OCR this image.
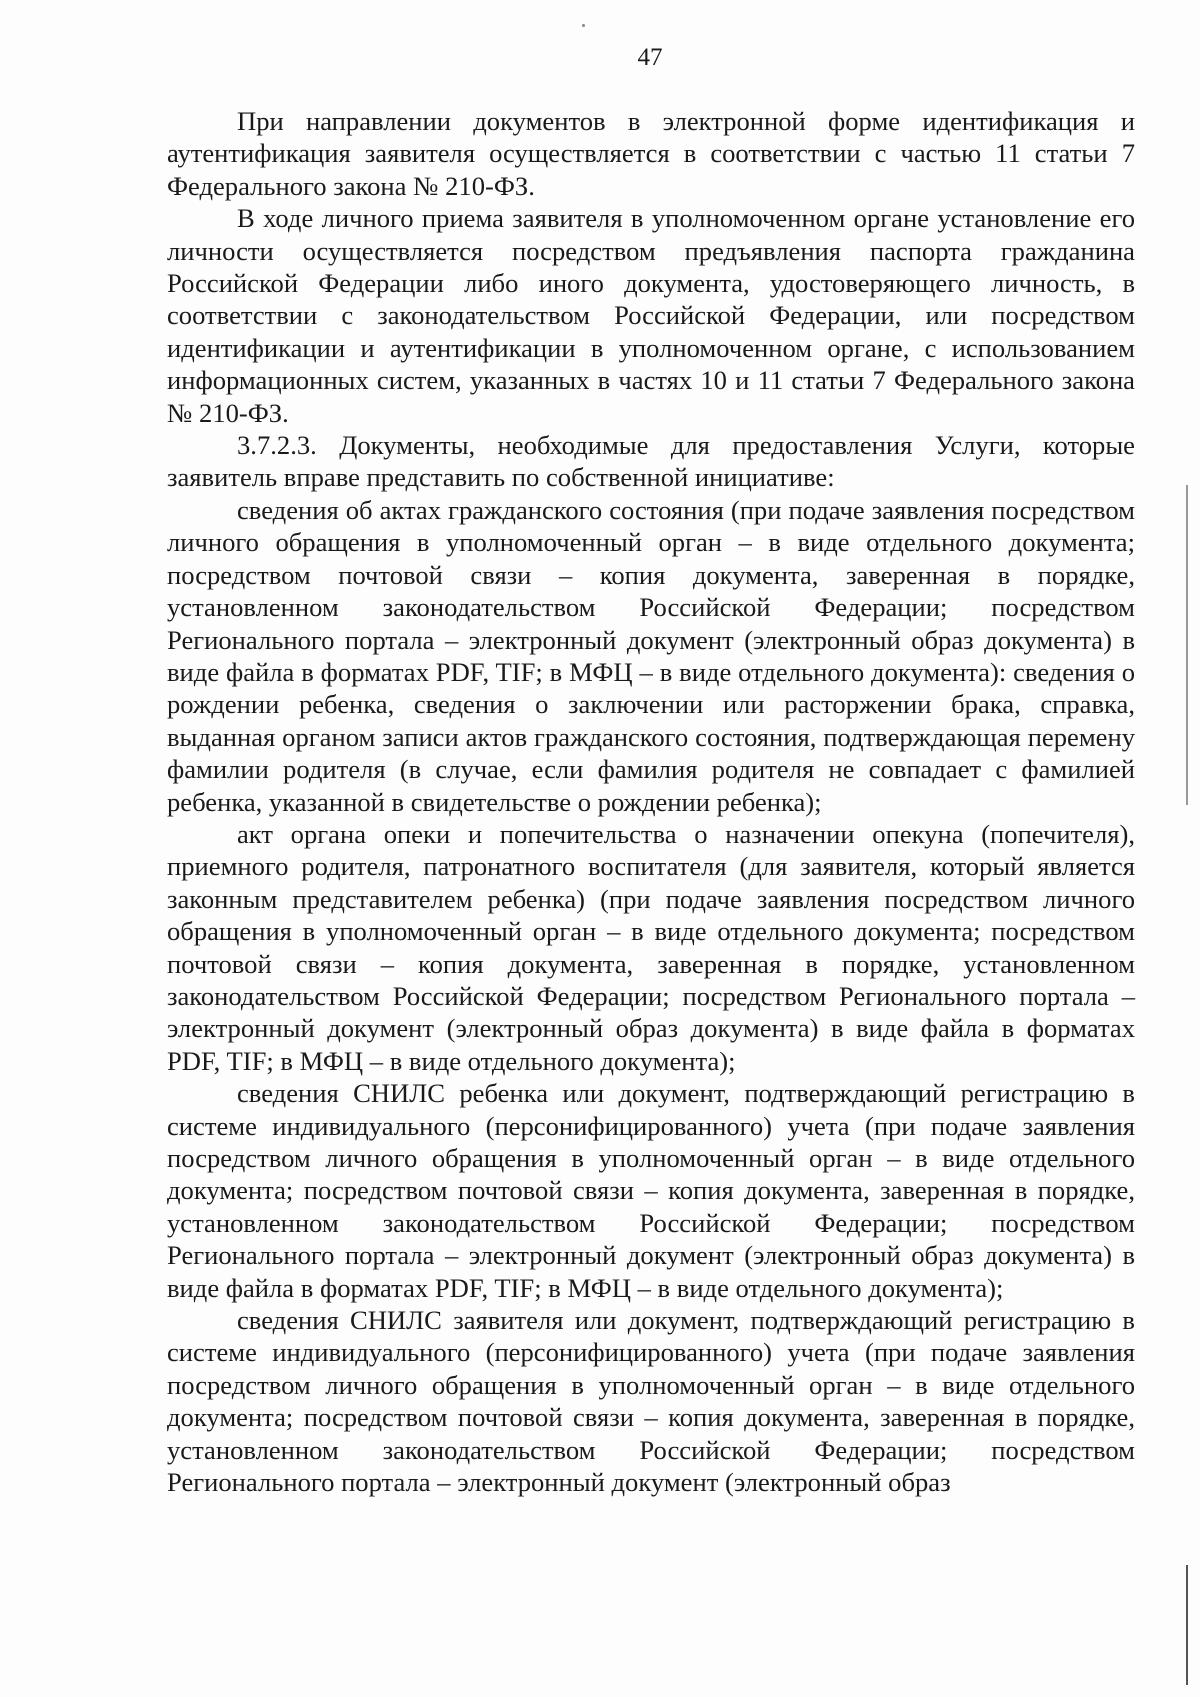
47

При направлении документов в электронной форме идентификация и аутентификация заявителя осуществляется в соответствии с частью 11 статьи 7 Федерального закона № 210-ФЗ.

В ходе личного приема заявителя в уполномоченном органе установление его личности осуществляется посредством предъявления паспорта гражданина Российской Федерации либо иного документа, удостоверяющего личность, в соответствии с законодательством Российской Федерации, или посредством идентификации и аутентификации в уполномоченном органе, с использованием информационных систем, указанных в частях 10 и 11 статьи 7 Федерального закона № 210-ФЗ.

3.7.2.3. Документы, необходимые для предоставления Услуги, которые заявитель вправе представить по собственной инициативе:

сведения об актах гражданского состояния (при подаче заявления посредством личного обращения в уполномоченный орган – в виде отдельного документа; посредством почтовой связи – копия документа, заверенная в порядке, установленном законодательством Российской Федерации; посредством Регионального портала – электронный документ (электронный образ документа) в виде файла в форматах PDF, TIF; в МФЦ – в виде отдельного документа): сведения о рождении ребенка, сведения о заключении или расторжении брака, справка, выданная органом записи актов гражданского состояния, подтверждающая перемену фамилии родителя (в случае, если фамилия родителя не совпадает с фамилией ребенка, указанной в свидетельстве о рождении ребенка);

акт органа опеки и попечительства о назначении опекуна (попечителя), приемного родителя, патронатного воспитателя (для заявителя, который является законным представителем ребенка) (при подаче заявления посредством личного обращения в уполномоченный орган – в виде отдельного документа; посредством почтовой связи – копия документа, заверенная в порядке, установленном законодательством Российской Федерации; посредством Регионального портала – электронный документ (электронный образ документа) в виде файла в форматах PDF, TIF; в МФЦ – в виде отдельного документа);

сведения СНИЛС ребенка или документ, подтверждающий регистрацию в системе индивидуального (персонифицированного) учета (при подаче заявления посредством личного обращения в уполномоченный орган – в виде отдельного документа; посредством почтовой связи – копия документа, заверенная в порядке, установленном законодательством Российской Федерации; посредством Регионального портала – электронный документ (электронный образ документа) в виде файла в форматах PDF, TIF; в МФЦ – в виде отдельного документа);

сведения СНИЛС заявителя или документ, подтверждающий регистрацию в системе индивидуального (персонифицированного) учета (при подаче заявления посредством личного обращения в уполномоченный орган – в виде отдельного документа; посредством почтовой связи – копия документа, заверенная в порядке, установленном законодательством Российской Федерации; посредством Регионального портала – электронный документ (электронный образ
